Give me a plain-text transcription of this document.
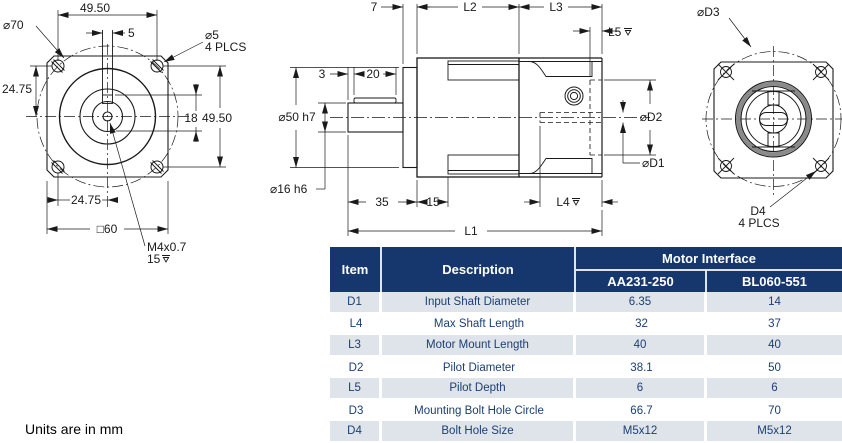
49.50
5
⌀70
⌀5
4 PLCS
24.75
18 49.50
24.75
□60
M4x0.7
15
7	L2	L3
L5
3	20
⌀50 h7
⌀16 h6
35	15	L4
L1
⌀D2
⌀D1
⌀D3
D4
4 PLCS
Item	Description
Motor Interface
AA231-250	BL060-551
D1	Input Shaft Diameter	6.35	14
L4	Max Shaft Length	32	37
L3	Motor Mount Length	40	40
D2	Pilot Diameter	38.1	50
L5	Pilot Depth	6	6
D3	Mounting Bolt Hole Circle	66.7	70
D4	Bolt Hole Size	M5x12	M5x12
Units are in mm
